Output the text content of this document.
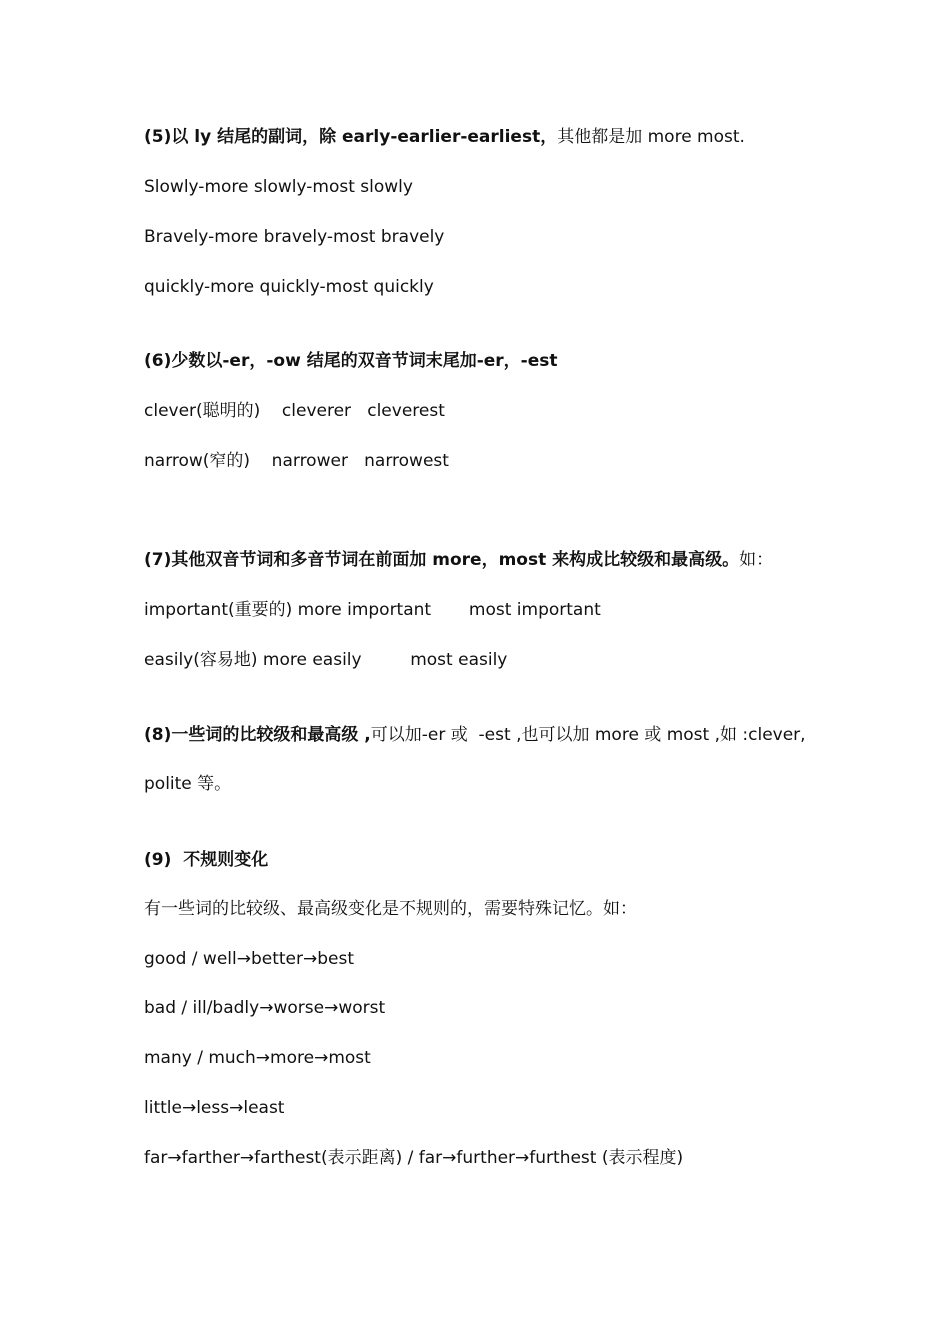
(5)以 ly 结尾的副词，除 early-earlier-earliest，其他都是加 more most.

Slowly-more slowly-most slowly

Bravely-more bravely-most bravely

quickly-more quickly-most quickly

(6)少数以-er，-ow 结尾的双音节词末尾加-er，-est

clever(聪明的)    cleverer   cleverest

narrow(窄的)    narrower   narrowest

(7)其他双音节词和多音节词在前面加 more，most 来构成比较级和最高级。如：

important(重要的) more important       most important

easily(容易地) more easily         most easily

(8)一些词的比较级和最高级 ,可以加-er 或  -est ,也可以加 more 或 most ,如 :clever,

polite 等。

(9)  不规则变化

有一些词的比较级、最高级变化是不规则的，需要特殊记忆。如：

good / well→better→best

bad / ill/badly→worse→worst

many / much→more→most

little→less→least

far→farther→farthest(表示距离) / far→further→furthest (表示程度)
